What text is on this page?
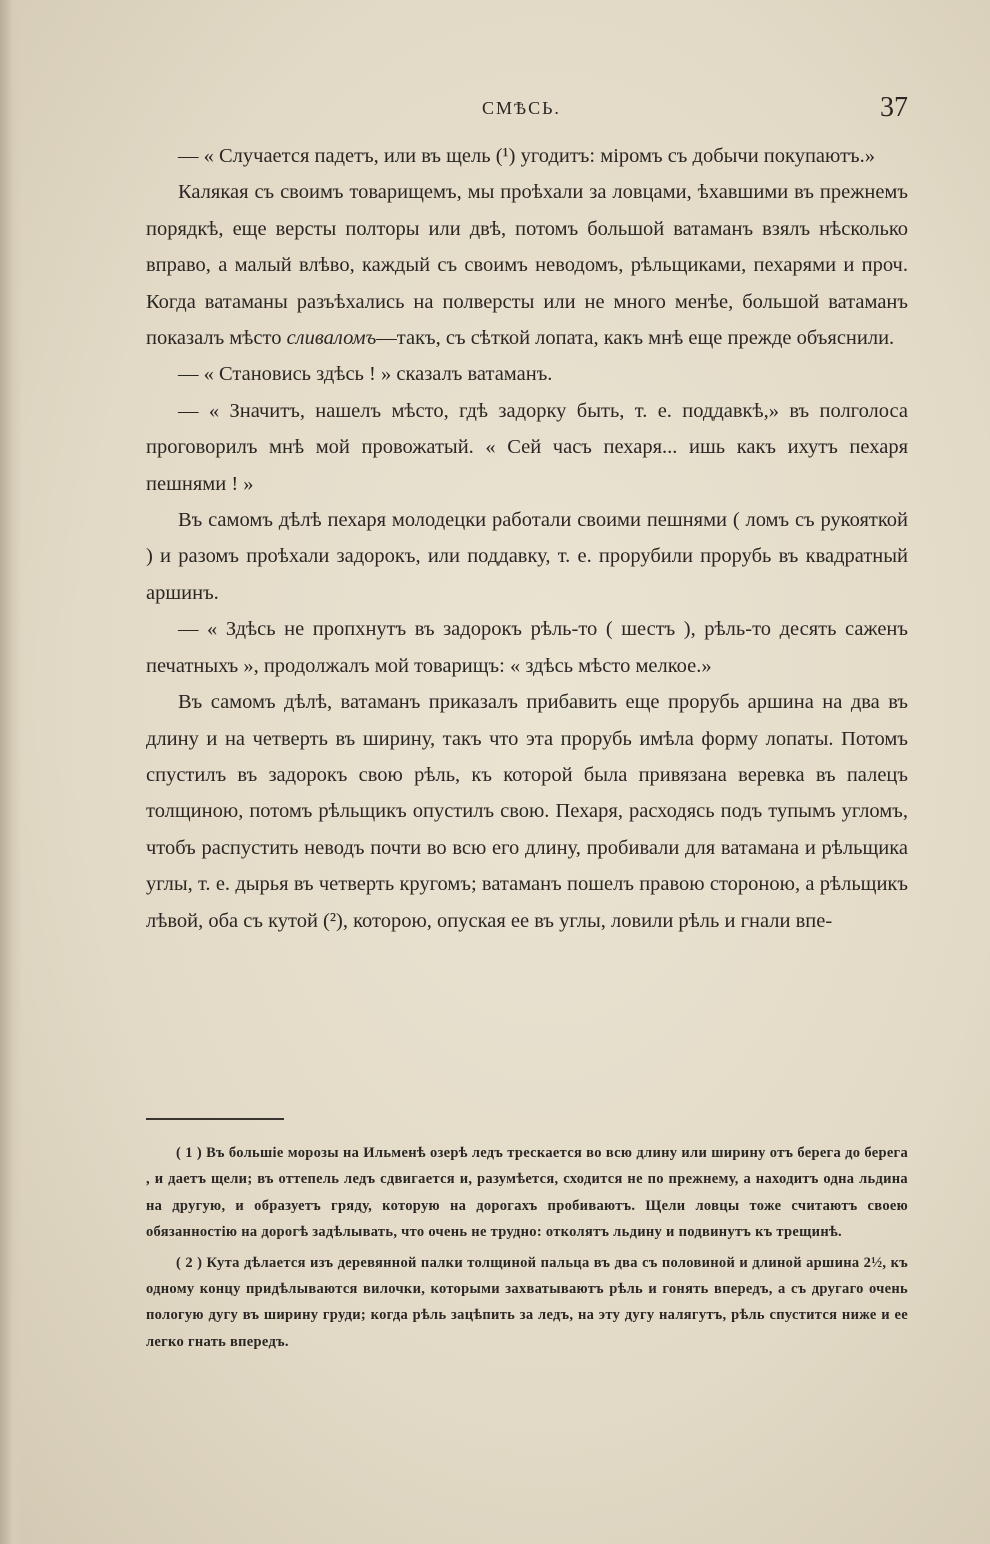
СМѢСЬ.	37

— « Случается падетъ, или въ щель (¹) угодитъ: міромъ съ добычи покупаютъ.»

Калякая съ своимъ товарищемъ, мы проѣхали за ловцами, ѣхавшими въ прежнемъ порядкѣ, еще версты полторы или двѣ, потомъ большой ватаманъ взялъ нѣсколько вправо, а малый влѣво, каждый съ своимъ неводомъ, рѣльщиками, пехарями и проч. Когда ватаманы разъѣхались на полверсты или не много менѣе, большой ватаманъ показалъ мѣсто сливаломъ—такъ, съ сѣткой лопата, какъ мнѣ еще прежде объяснили.

— « Становись здѣсь ! » сказалъ ватаманъ.

— « Значитъ, нашелъ мѣсто, гдѣ задорку быть, т. е. поддавкѣ,» въ полголоса проговорилъ мнѣ мой провожатый. « Сей часъ пехаря... ишь какъ ихутъ пехаря пешнями ! »

Въ самомъ дѣлѣ пехаря молодецки работали своими пешнями ( ломъ съ рукояткой ) и разомъ проѣхали задорокъ, или поддавку, т. е. прорубили прорубь въ квадратный аршинъ.

— « Здѣсь не пропхнутъ въ задорокъ рѣль-то ( шестъ ), рѣль-то десять саженъ печатныхъ », продолжалъ мой товарищъ: « здѣсь мѣсто мелкое.»

Въ самомъ дѣлѣ, ватаманъ приказалъ прибавить еще прорубь аршина на два въ длину и на четверть въ ширину, такъ что эта прорубь имѣла форму лопаты. Потомъ спустилъ въ задорокъ свою рѣль, къ которой была привязана веревка въ палецъ толщиною, потомъ рѣльщикъ опустилъ свою. Пехаря, расходясь подъ тупымъ угломъ, чтобъ распустить неводъ почти во всю его длину, пробивали для ватамана и рѣльщика углы, т. е. дырья въ четверть кругомъ; ватаманъ пошелъ правою стороною, а рѣльщикъ лѣвой, оба съ кутой (²), которою, опуская ее въ углы, ловили рѣль и гнали впе-

( 1 ) Въ большіе морозы на Ильменѣ озерѣ ледъ трескается во всю длину или ширину отъ берега до берега , и даетъ щели; въ оттепель ледъ сдвигается и, разумѣется, сходится не по прежнему, а находитъ одна льдина на другую, и образуетъ гряду, которую на дорогахъ пробиваютъ. Щели ловцы тоже считаютъ своею обязанностію на дорогѣ задѣлывать, что очень не трудно: отколятъ льдину и подвинутъ къ трещинѣ.

( 2 ) Кута дѣлается изъ деревянной палки толщиной пальца въ два съ половиной и длиной аршина 2½, къ одному концу придѣлываются вилочки, которыми захватываютъ рѣль и гонять впередъ, а съ другаго очень пологую дугу въ ширину груди; когда рѣль зацѣпить за ледъ, на эту дугу налягутъ, рѣль спустится ниже и ее легко гнать впередъ.
